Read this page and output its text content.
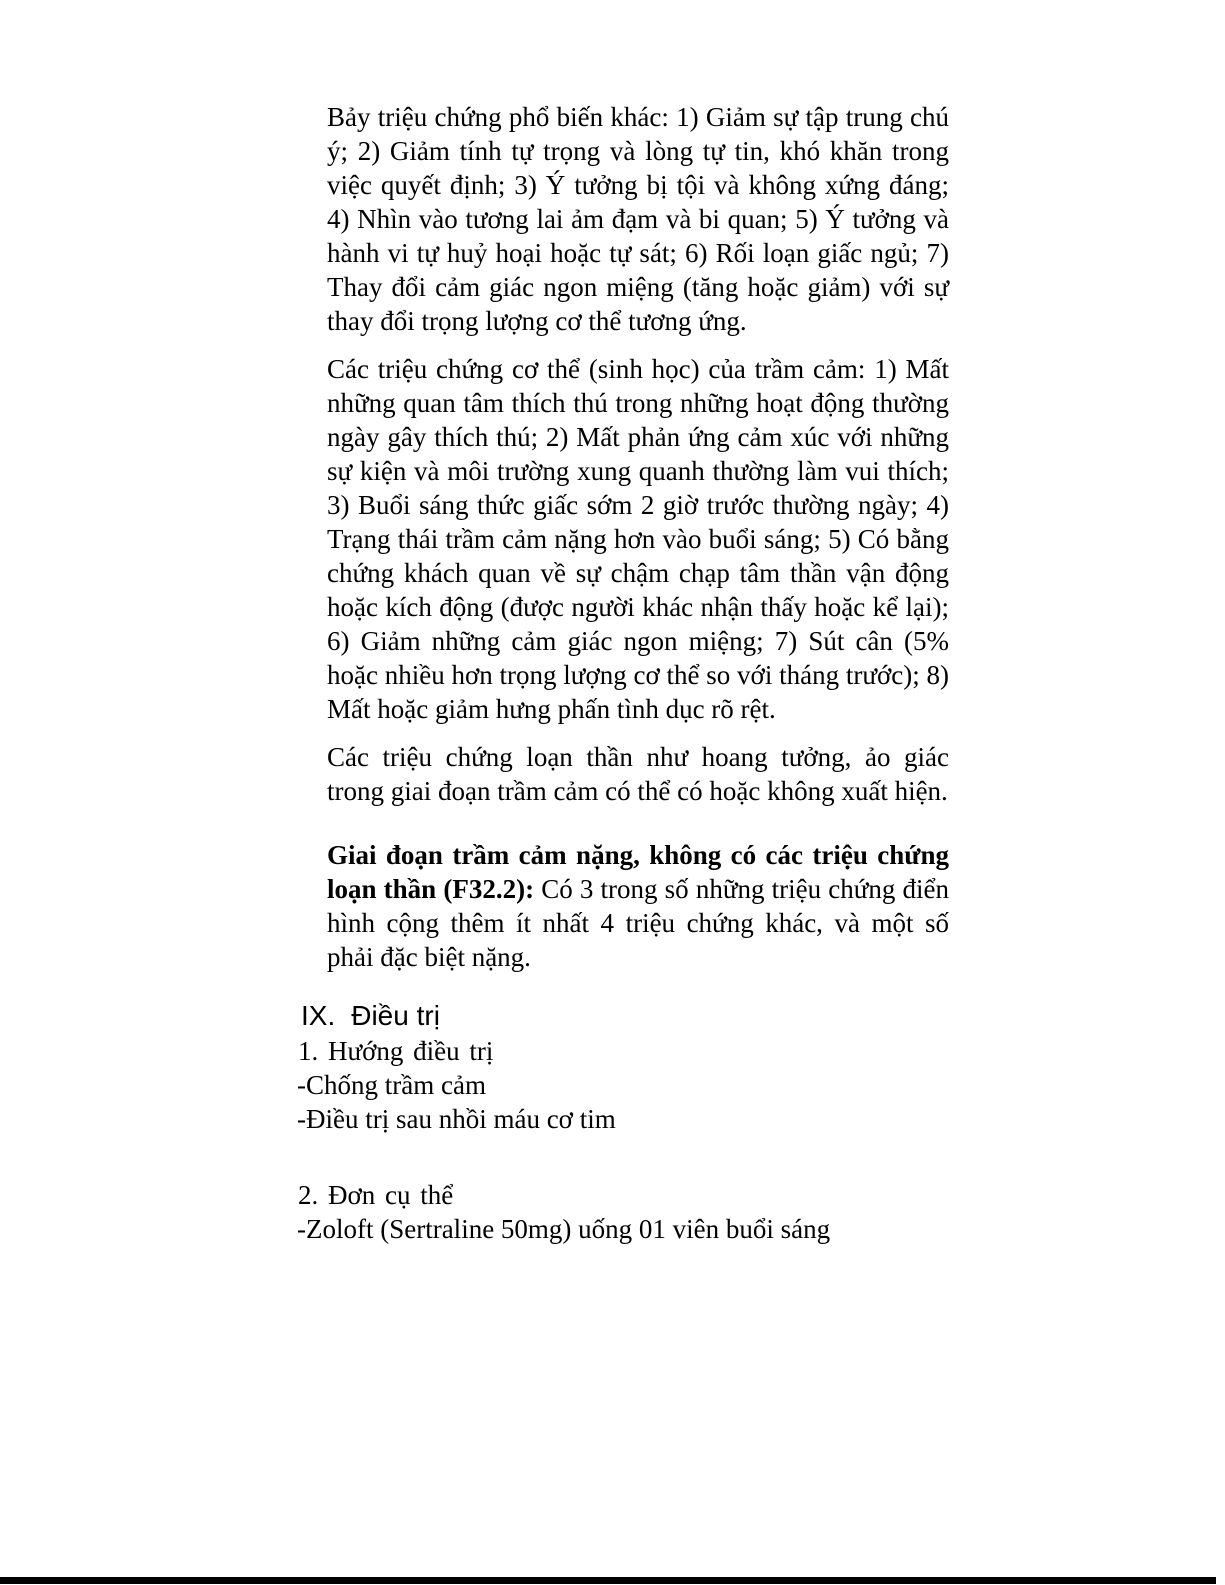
Bảy triệu chứng phổ biến khác: 1) Giảm sự tập trung chú ý; 2) Giảm tính tự trọng và lòng tự tin, khó khăn trong việc quyết định; 3) Ý tưởng bị tội và không xứng đáng; 4) Nhìn vào tương lai ảm đạm và bi quan; 5) Ý tưởng và hành vi tự huỷ hoại hoặc tự sát; 6) Rối loạn giấc ngủ; 7) Thay đổi cảm giác ngon miệng (tăng hoặc giảm) với sự thay đổi trọng lượng cơ thể tương ứng.

Các triệu chứng cơ thể (sinh học) của trầm cảm: 1) Mất những quan tâm thích thú trong những hoạt động thường ngày gây thích thú; 2) Mất phản ứng cảm xúc với những sự kiện và môi trường xung quanh thường làm vui thích; 3) Buổi sáng thức giấc sớm 2 giờ trước thường ngày; 4) Trạng thái trầm cảm nặng hơn vào buổi sáng; 5) Có bằng chứng khách quan về sự chậm chạp tâm thần vận động hoặc kích động (được người khác nhận thấy hoặc kể lại); 6) Giảm những cảm giác ngon miệng; 7) Sút cân (5% hoặc nhiều hơn trọng lượng cơ thể so với tháng trước); 8) Mất hoặc giảm hưng phấn tình dục rõ rệt.

Các triệu chứng loạn thần như hoang tưởng, ảo giác trong giai đoạn trầm cảm có thể có hoặc không xuất hiện.

Giai đoạn trầm cảm nặng, không có các triệu chứng loạn thần (F32.2): Có 3 trong số những triệu chứng điển hình cộng thêm ít nhất 4 triệu chứng khác, và một số phải đặc biệt nặng.

IX. Điều trị
1. Hướng điều trị
-Chống trầm cảm
-Điều trị sau nhồi máu cơ tim
2. Đơn cụ thể
-Zoloft (Sertraline 50mg) uống 01 viên buổi sáng
